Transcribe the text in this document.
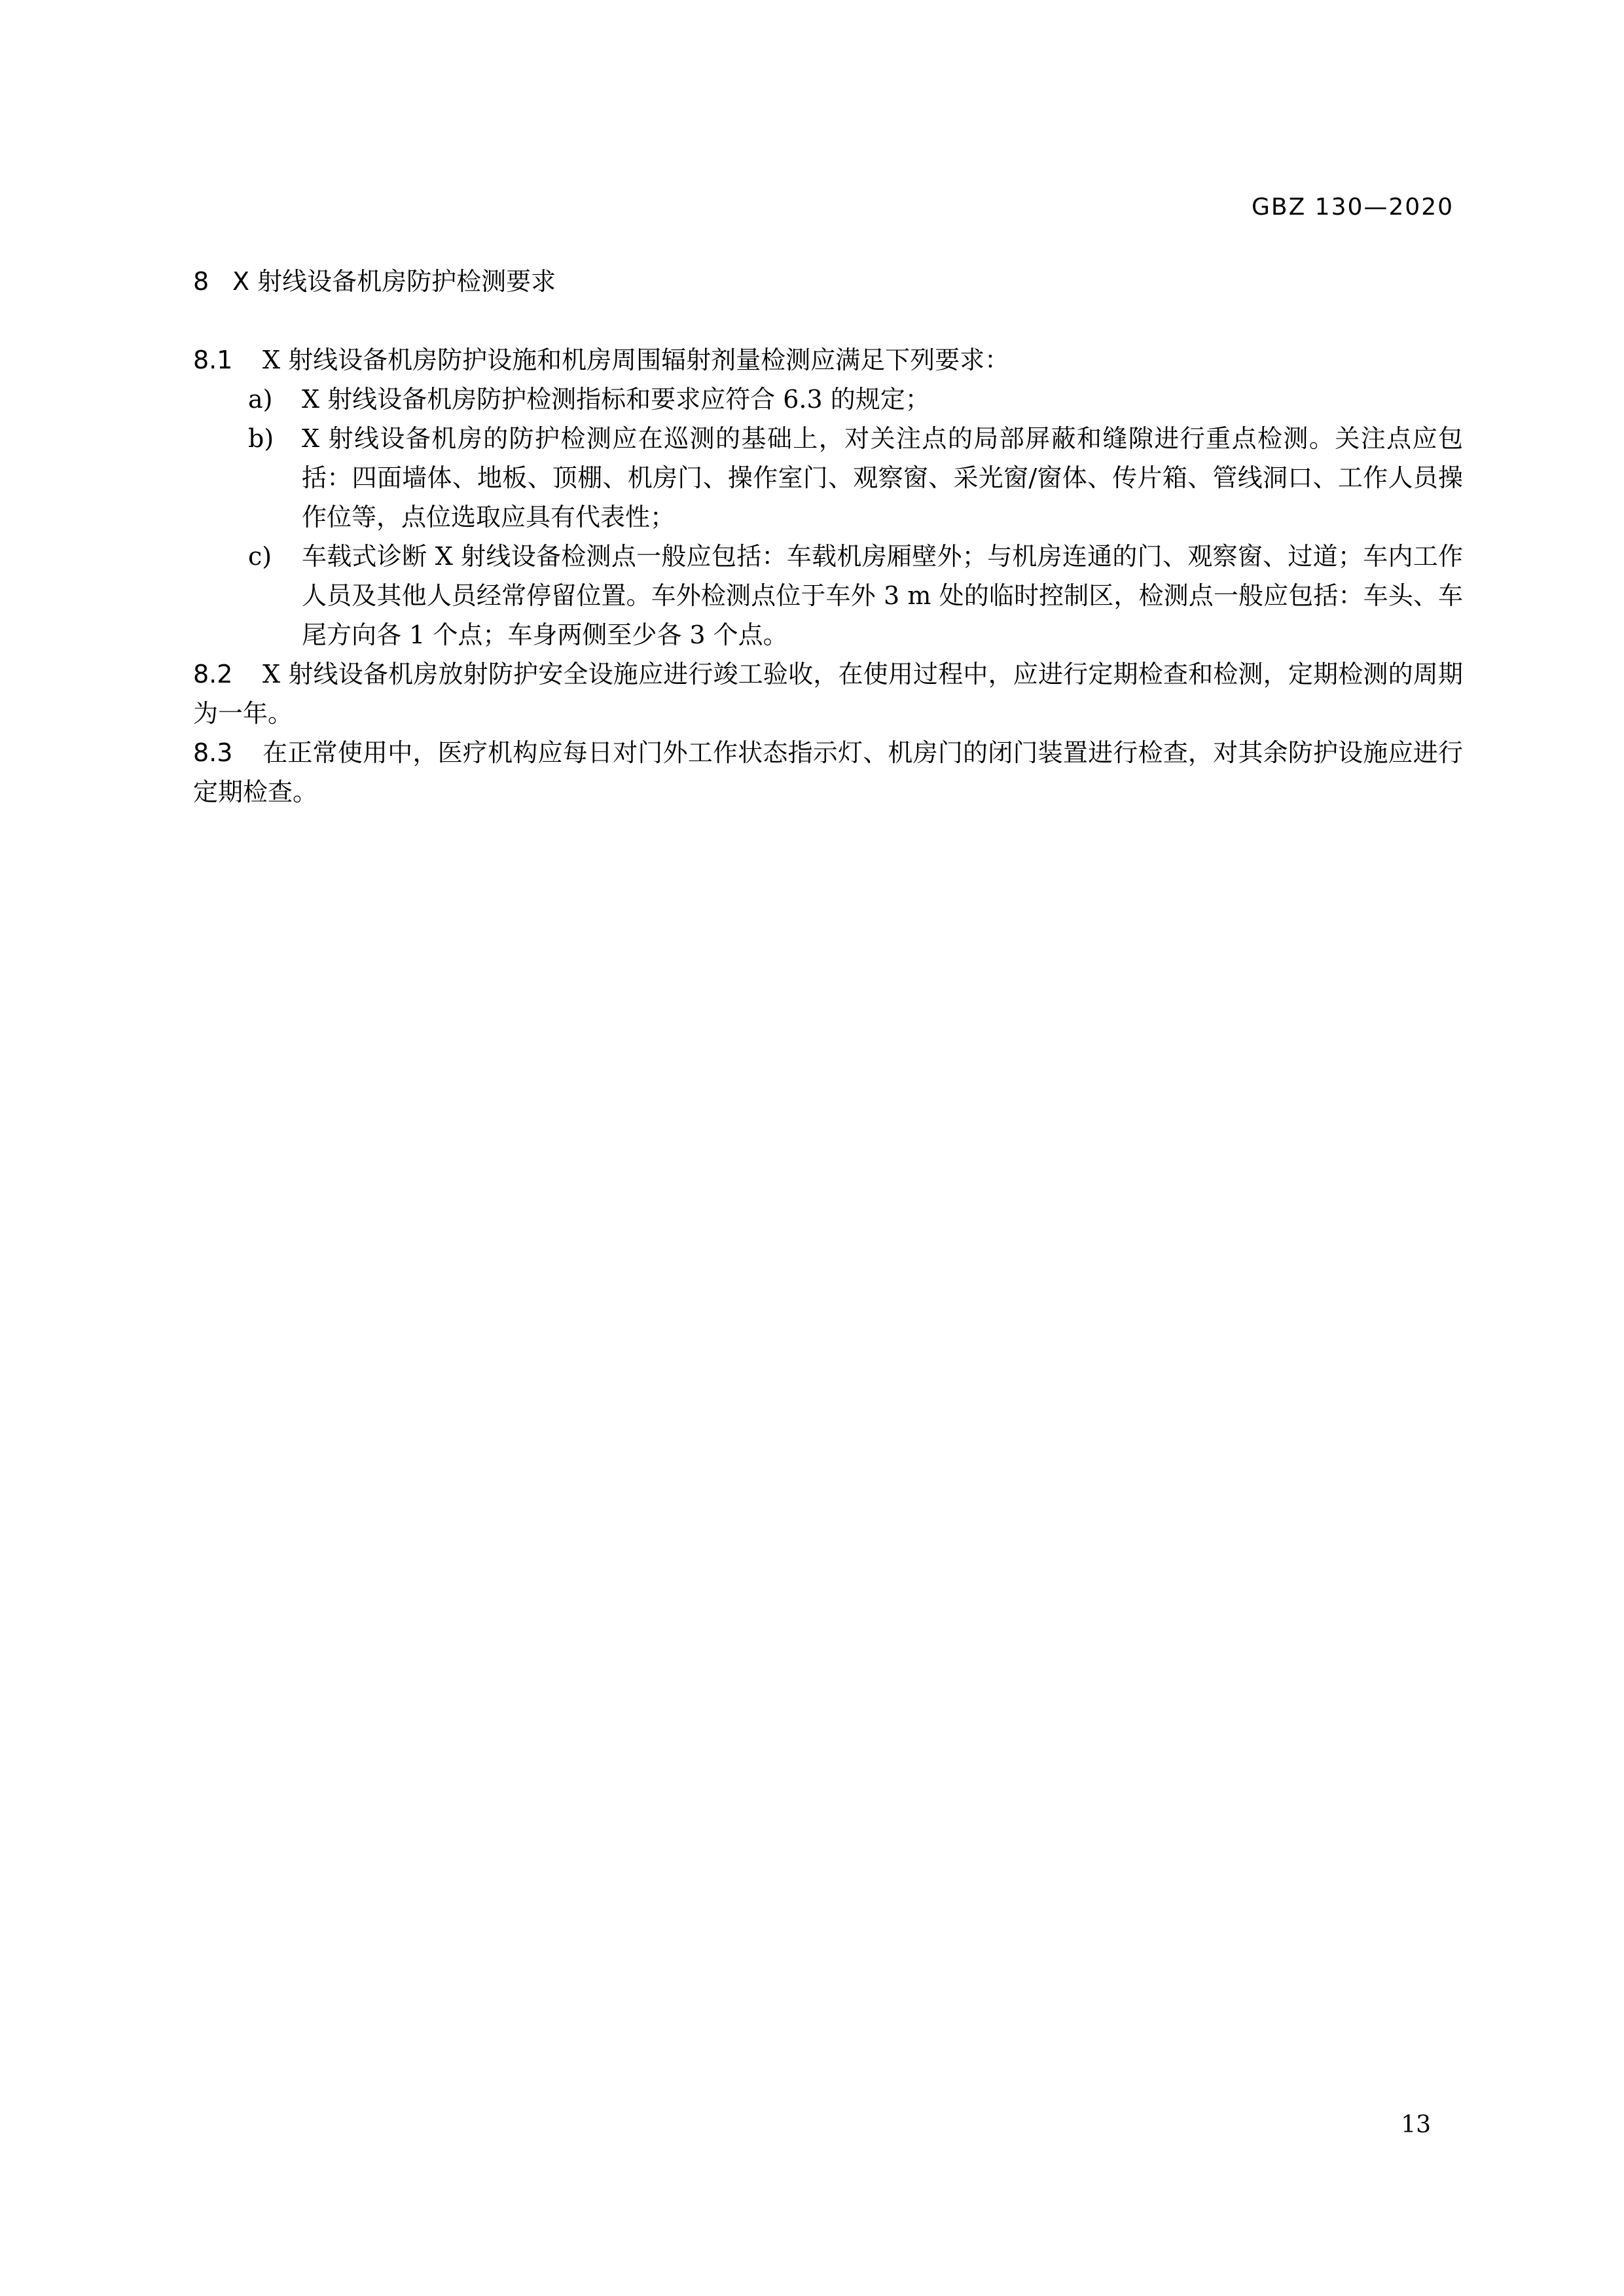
GBZ 130—2020
8 X 射线设备机房防护检测要求

8.1 X 射线设备机房防护设施和机房周围辐射剂量检测应满足下列要求：

a)	X 射线设备机房防护检测指标和要求应符合 6.3 的规定；
b)	X 射线设备机房的防护检测应在巡测的基础上，对关注点的局部屏蔽和缝隙进行重点检测。关注点应包括：四面墙体、地板、顶棚、机房门、操作室门、观察窗、采光窗/窗体、传片箱、管线洞口、工作人员操作位等，点位选取应具有代表性；
c)	车载式诊断 X 射线设备检测点一般应包括：车载机房厢壁外；与机房连通的门、观察窗、过道；车内工作人员及其他人员经常停留位置。车外检测点位于车外 3 m 处的临时控制区，检测点一般应包括：车头、车尾方向各 1 个点；车身两侧至少各 3 个点。

8.2 X 射线设备机房放射防护安全设施应进行竣工验收，在使用过程中，应进行定期检查和检测，定期检测的周期为一年。

8.3 在正常使用中，医疗机构应每日对门外工作状态指示灯、机房门的闭门装置进行检查，对其余防护设施应进行定期检查。

13
